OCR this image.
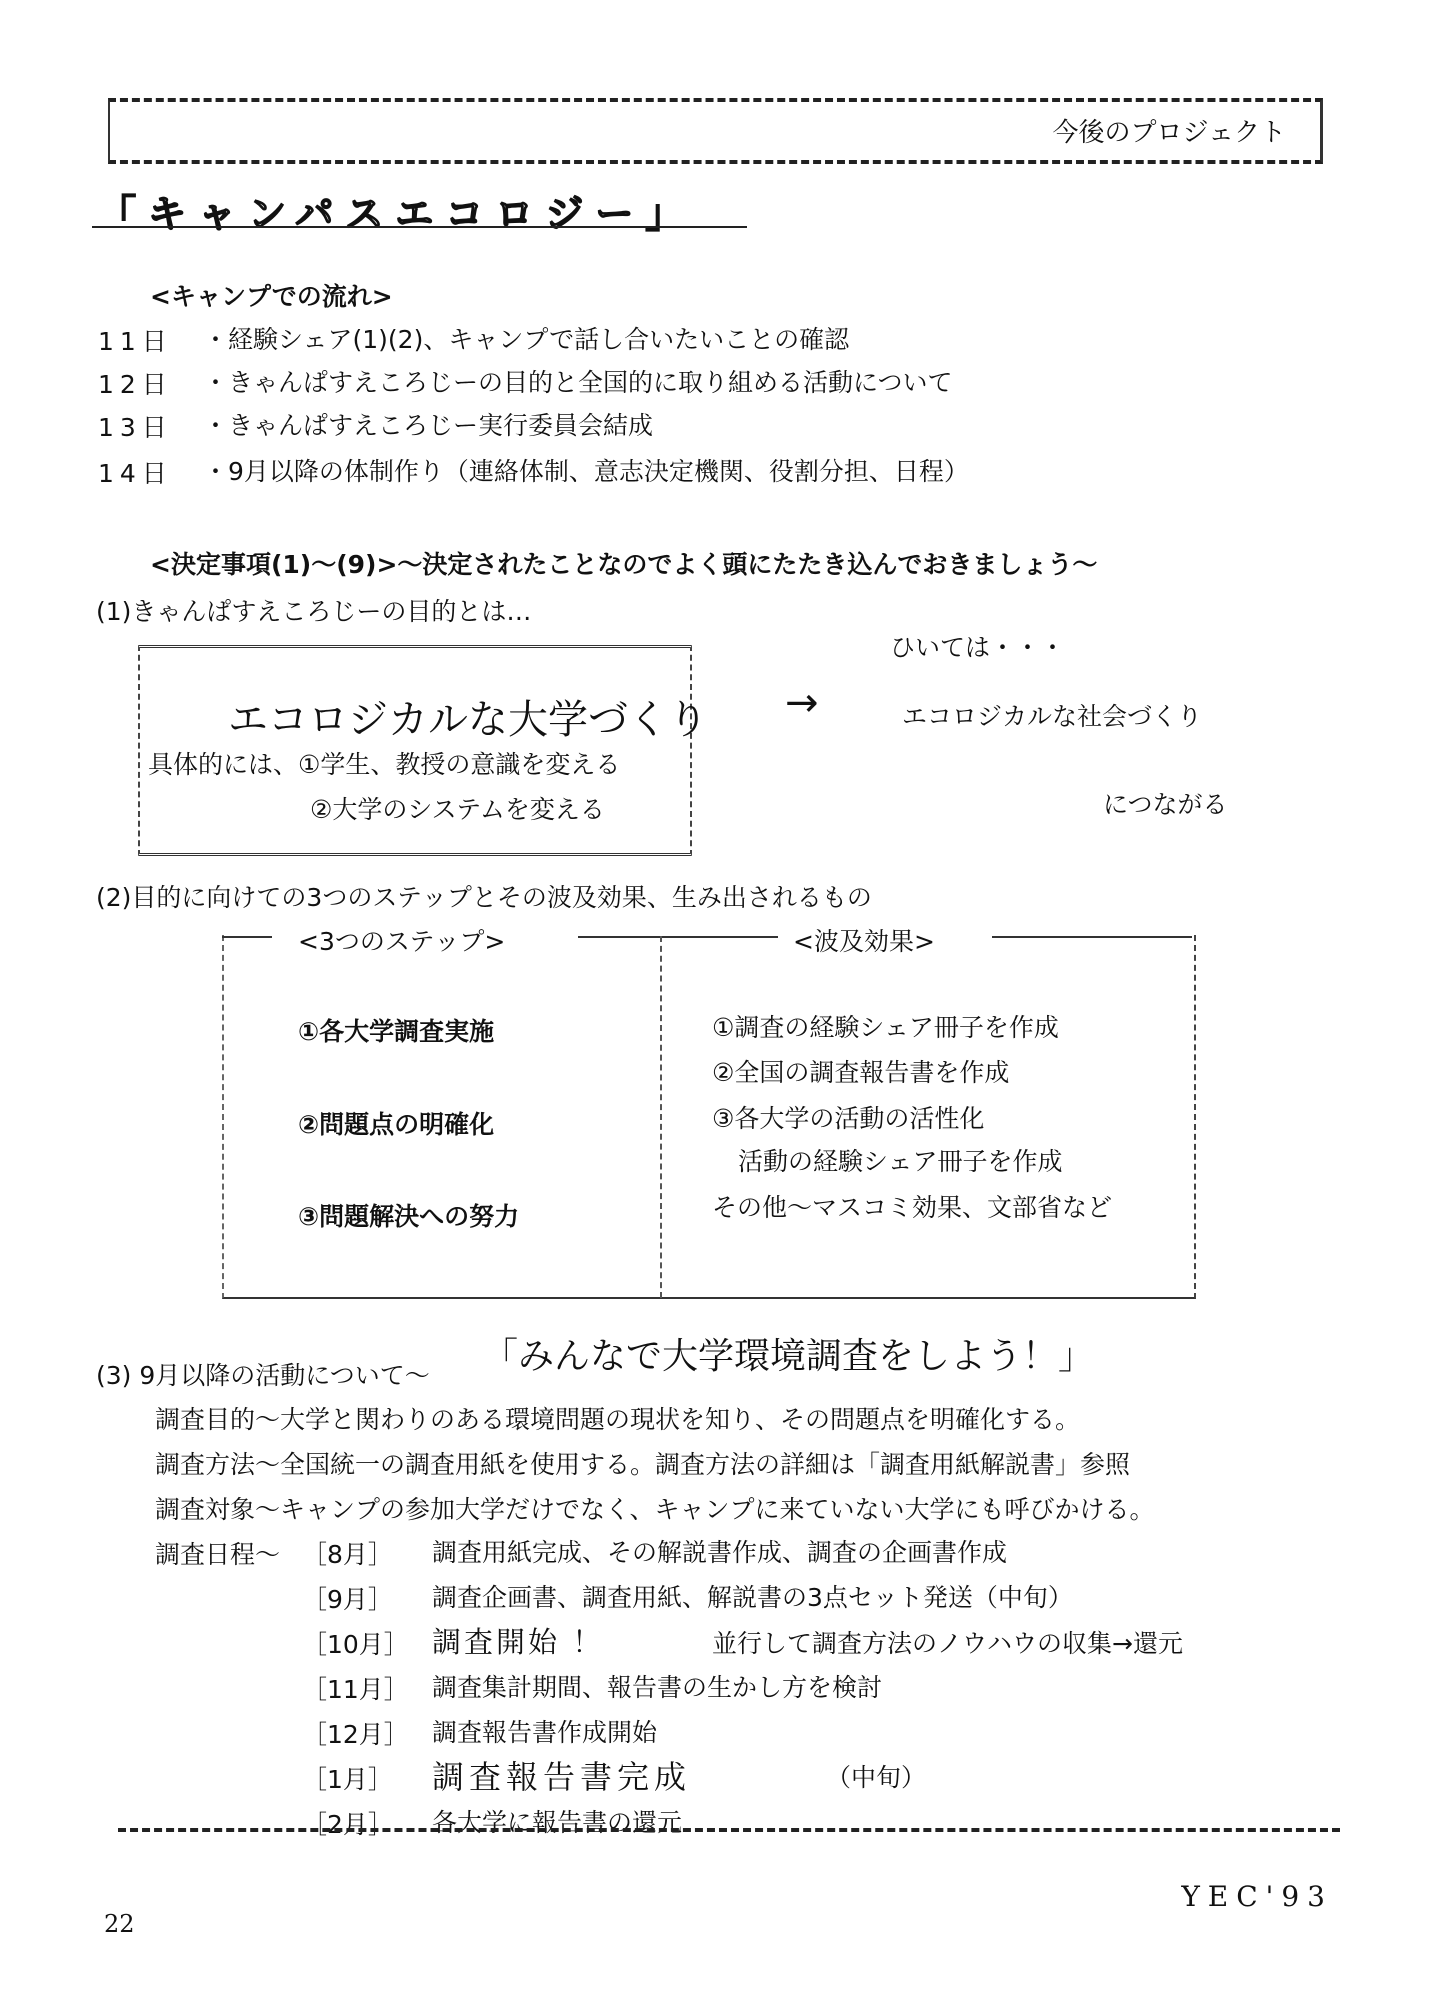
今後のプロジェクト
「キャンパスエコロジー」
<キャンプでの流れ>
11日 ・経験シェア(1)(2)、キャンプで話し合いたいことの確認
12日 ・きゃんぱすえころじーの目的と全国的に取り組める活動について
13日 ・きゃんぱすえころじー実行委員会結成
14日 ・9月以降の体制作り（連絡体制、意志決定機関、役割分担、日程）
<決定事項(1)～(9)>～決定されたことなのでよく頭にたたき込んでおきましょう～
(1)きゃんぱすえころじーの目的とは…
エコロジカルな大学づくり
具体的には、①学生、教授の意識を変える
②大学のシステムを変える
→
ひいては・・・
エコロジカルな社会づくり
につながる
(2)目的に向けての3つのステップとその波及効果、生み出されるもの
<3つのステップ>	<波及効果>
①各大学調査実施
②問題点の明確化
③問題解決への努力
①調査の経験シェア冊子を作成
②全国の調査報告書を作成
③各大学の活動の活性化
活動の経験シェア冊子を作成
その他～マスコミ効果、文部省など
(3) 9月以降の活動について～ 「みんなで大学環境調査をしよう！」
調査目的～大学と関わりのある環境問題の現状を知り、その問題点を明確化する。
調査方法～全国統一の調査用紙を使用する。調査方法の詳細は「調査用紙解説書」参照
調査対象～キャンプの参加大学だけでなく、キャンプに来ていない大学にも呼びかける。
調査日程～ ［8月］ 調査用紙完成、その解説書作成、調査の企画書作成
［9月］ 調査企画書、調査用紙、解説書の3点セット発送（中旬）
［10月］ 調査開始 ！	並行して調査方法のノウハウの収集→還元
［11月］ 調査集計期間、報告書の生かし方を検討
［12月］ 調査報告書作成開始
［1月］ 調査報告書完成	（中旬）
［2月］ 各大学に報告書の還元
22
YEC'93
